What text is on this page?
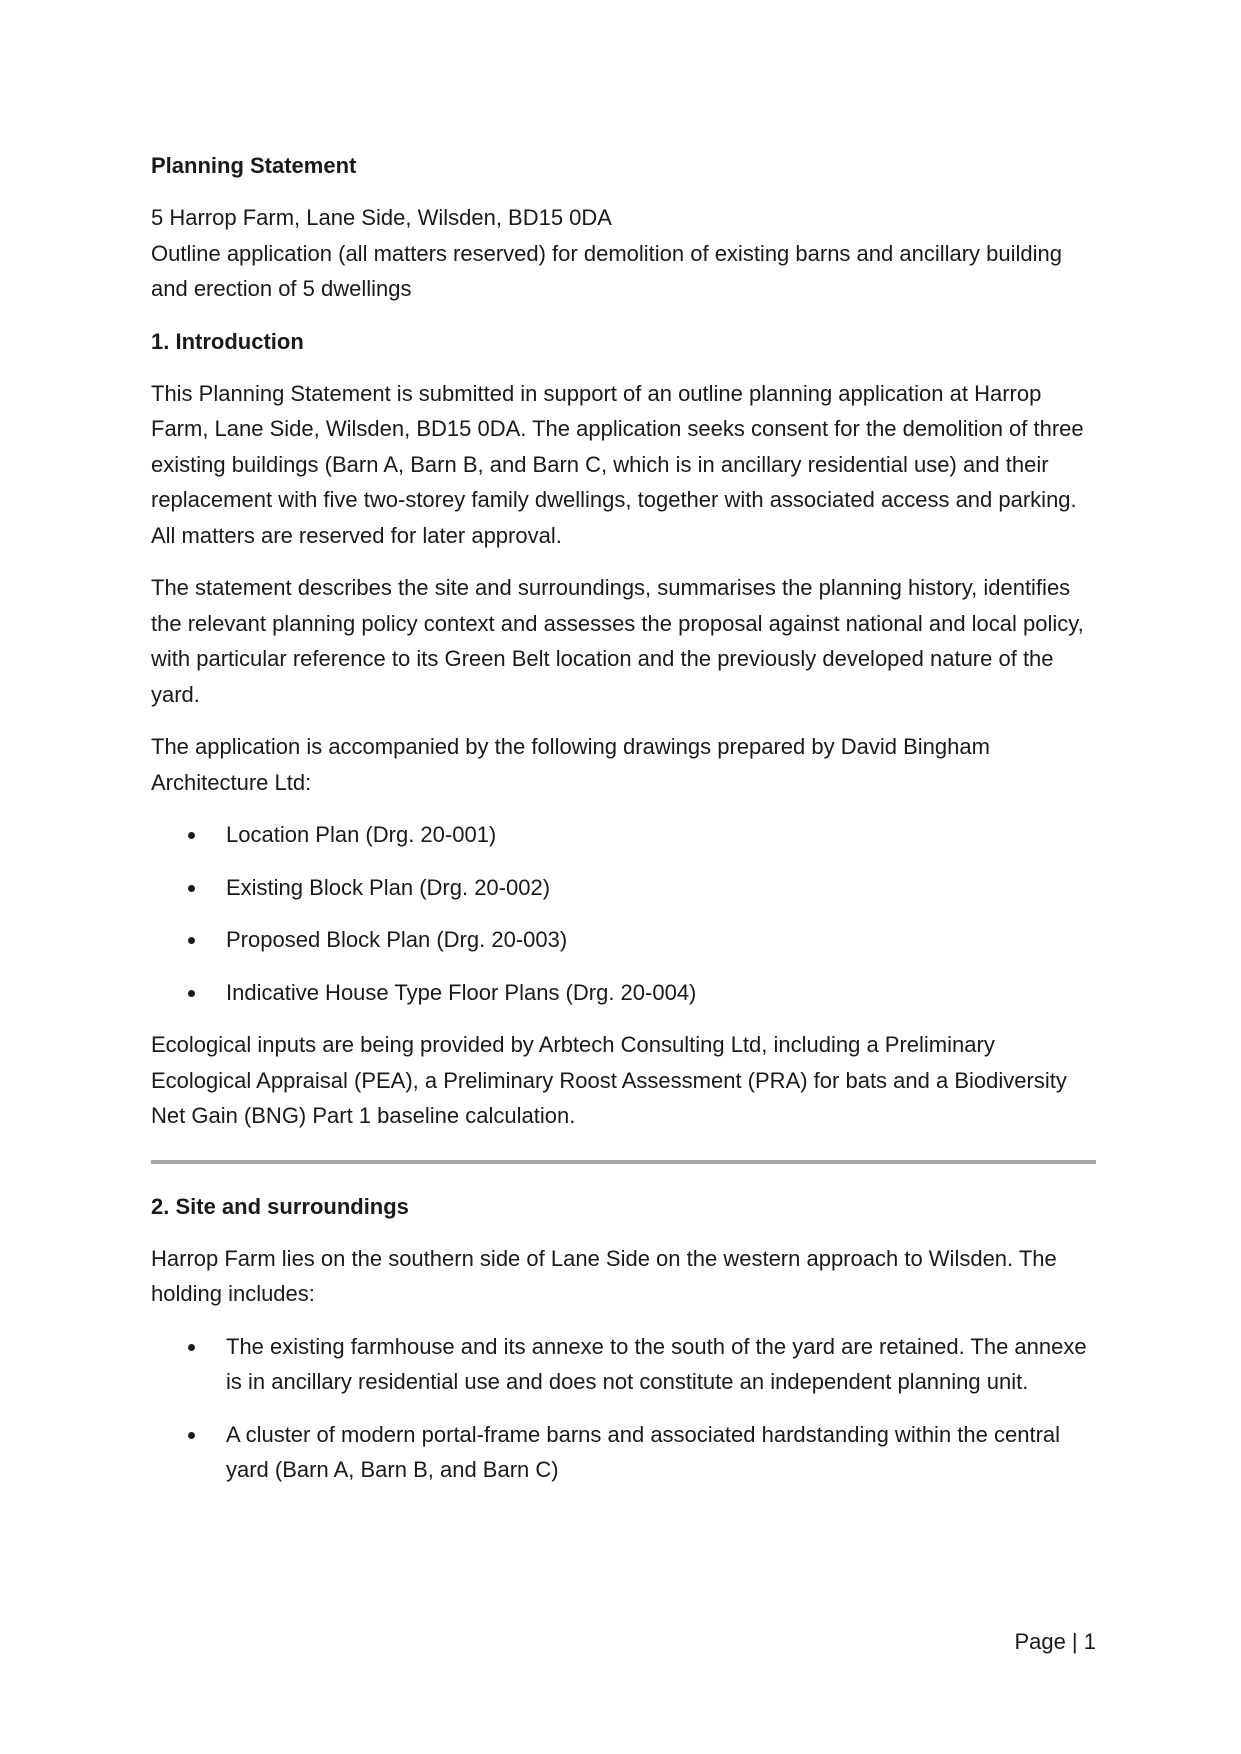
Planning Statement

5 Harrop Farm, Lane Side, Wilsden, BD15 0DA
Outline application (all matters reserved) for demolition of existing barns and ancillary building and erection of 5 dwellings

1. Introduction

This Planning Statement is submitted in support of an outline planning application at Harrop Farm, Lane Side, Wilsden, BD15 0DA. The application seeks consent for the demolition of three existing buildings (Barn A, Barn B, and Barn C, which is in ancillary residential use) and their replacement with five two-storey family dwellings, together with associated access and parking. All matters are reserved for later approval.

The statement describes the site and surroundings, summarises the planning history, identifies the relevant planning policy context and assesses the proposal against national and local policy, with particular reference to its Green Belt location and the previously developed nature of the yard.

The application is accompanied by the following drawings prepared by David Bingham Architecture Ltd:

Location Plan (Drg. 20-001)
Existing Block Plan (Drg. 20-002)
Proposed Block Plan (Drg. 20-003)
Indicative House Type Floor Plans (Drg. 20-004)

Ecological inputs are being provided by Arbtech Consulting Ltd, including a Preliminary Ecological Appraisal (PEA), a Preliminary Roost Assessment (PRA) for bats and a Biodiversity Net Gain (BNG) Part 1 baseline calculation.

2. Site and surroundings

Harrop Farm lies on the southern side of Lane Side on the western approach to Wilsden. The holding includes:

The existing farmhouse and its annexe to the south of the yard are retained. The annexe is in ancillary residential use and does not constitute an independent planning unit.
A cluster of modern portal-frame barns and associated hardstanding within the central yard (Barn A, Barn B, and Barn C)
Page | 1
